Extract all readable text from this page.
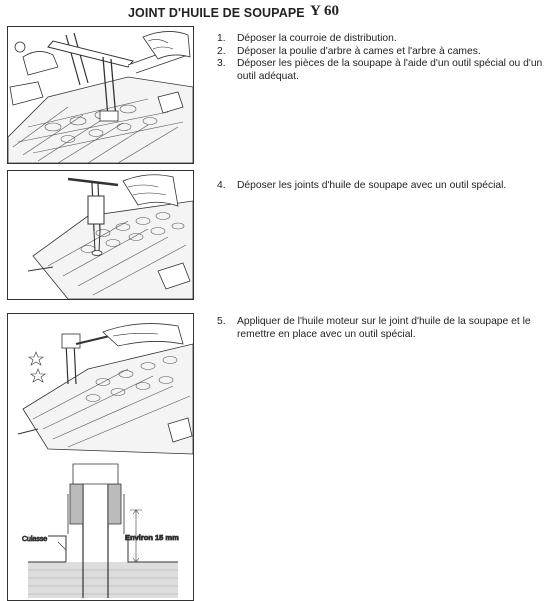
JOINT D'HUILE DE SOUPAPE Y 60
Culasse	Environ 15 mm
1. Déposer la courroie de distribution.
2. Déposer la poulie d'arbre à cames et l'arbre à cames.
3. Déposer les pièces de la soupape à l'aide d'un outil spécial ou d'un outil adéquat.
4. Déposer les joints d'huile de soupape avec un outil spécial.
5. Appliquer de l'huile moteur sur le joint d'huile de la soupape et le remettre en place avec un outil spécial.
